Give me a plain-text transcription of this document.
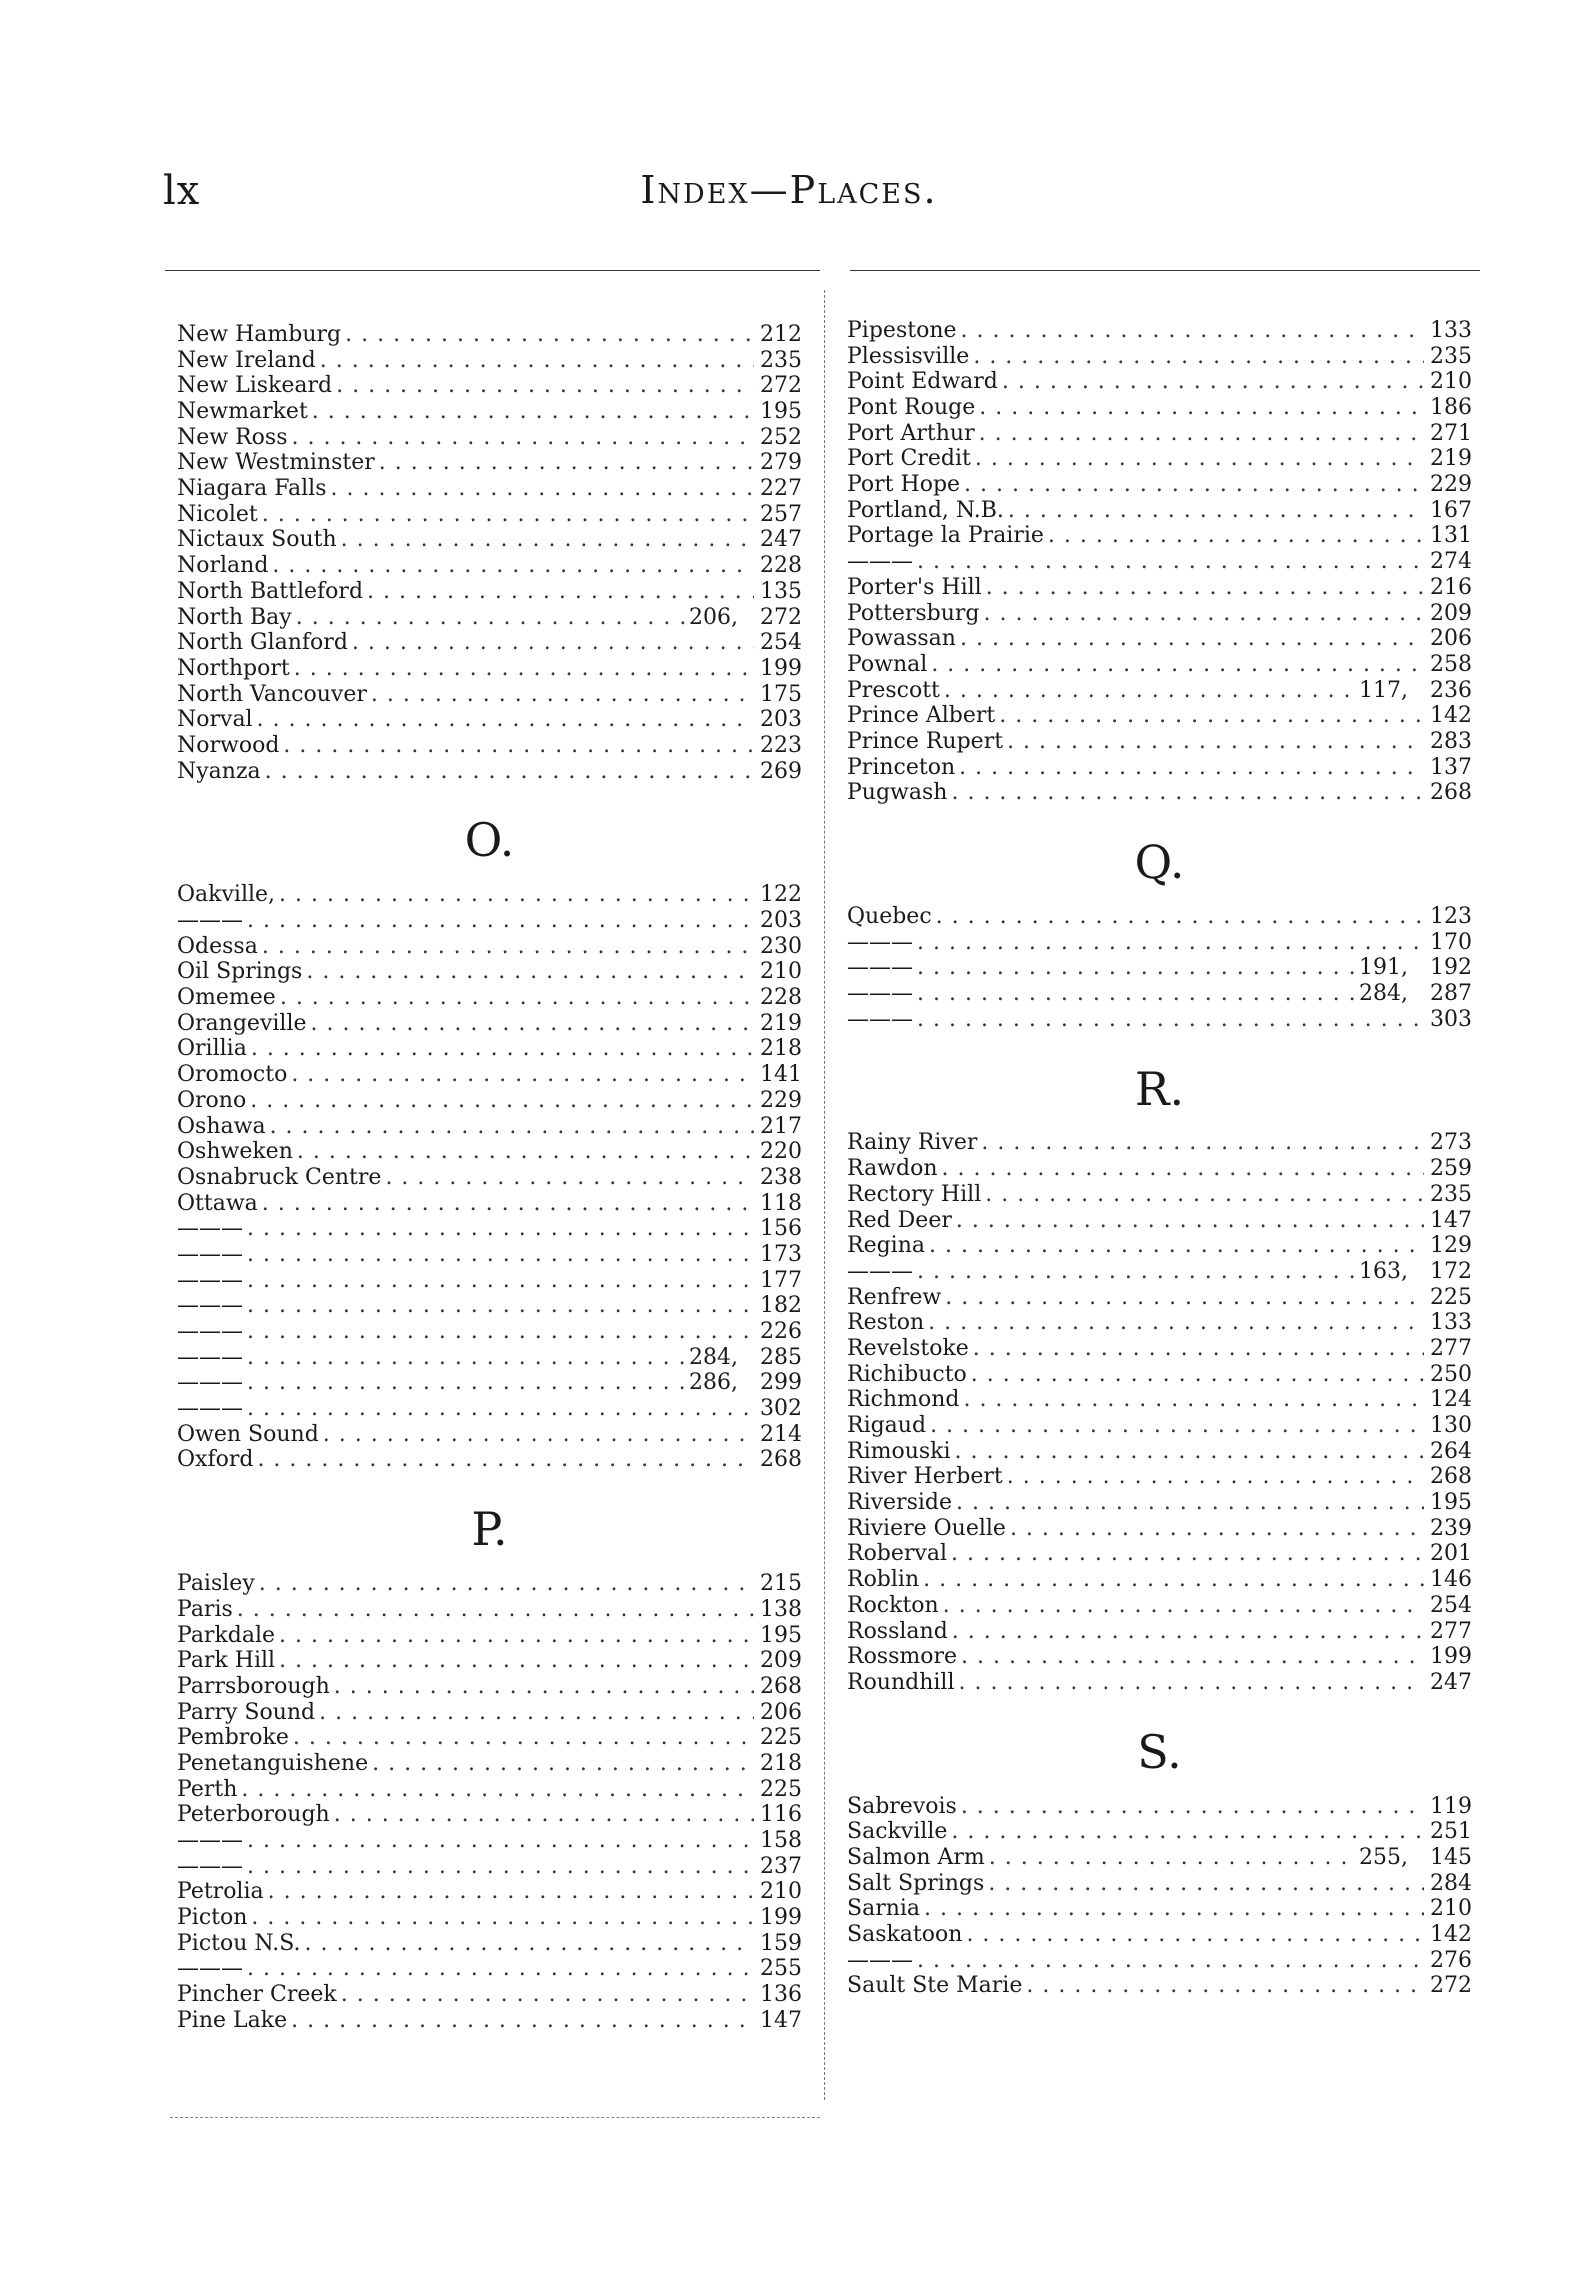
lx	Index—Places.
New Hamburg . . .	212
New Ireland . . .	235
New Liskeard . . .	272
Newmarket . . .	195
New Ross . . .	252
New Westminster . . .	279
Niagara Falls . . .	227
Nicolet . . .	257
Nictaux South . . .	247
Norland . . .	228
North Battleford . . .	135
North Bay . . .	206, 272
North Glanford . . .	254
Northport . . .	199
North Vancouver . . .	175
Norval . . .	203
Norwood . . .	223
Nyanza . . .	269
O.
Oakville, . . .	122
——— . . .	203
Odessa . . .	230
Oil Springs . . .	210
Omemee . . .	228
Orangeville . . .	219
Orillia . . .	218
Oromocto . . .	141
Orono . . .	229
Oshawa . . .	217
Oshweken . . .	220
Osnabruck Centre . . .	238
Ottawa . . .	118
——— . . .	156
——— . . .	173
——— . . .	177
——— . . .	182
——— . . .	226
——— . . .	284, 285
——— . . .	286, 299
——— . . .	302
Owen Sound . . .	214
Oxford . . .	268
P.
Paisley . . .	215
Paris . . .	138
Parkdale . . .	195
Park Hill . . .	209
Parrsborough . . .	268
Parry Sound . . .	206
Pembroke . . .	225
Penetanguishene . . .	218
Perth . . .	225
Peterborough . . .	116
——— . . .	158
——— . . .	237
Petrolia . . .	210
Picton . . .	199
Pictou N.S. . . .	159
——— . . .	255
Pincher Creek . . .	136
Pine Lake . . .	147
Pipestone . . .	133
Plessisville . . .	235
Point Edward . . .	210
Pont Rouge . . .	186
Port Arthur . . .	271
Port Credit . . .	219
Port Hope . . .	229
Portland, N.B. . . .	167
Portage la Prairie . . .	131
——— . . .	274
Porter's Hill . . .	216
Pottersburg . . .	209
Powassan . . .	206
Pownal . . .	258
Prescott . . .	117, 236
Prince Albert . . .	142
Prince Rupert . . .	283
Princeton . . .	137
Pugwash . . .	268
Q.
Quebec . . .	123
——— . . .	170
——— . . .	191, 192
——— . . .	284, 287
——— . . .	303
R.
Rainy River . . .	273
Rawdon . . .	259
Rectory Hill . . .	235
Red Deer . . .	147
Regina . . .	129
——— . . .	163, 172
Renfrew . . .	225
Reston . . .	133
Revelstoke . . .	277
Richibucto . . .	250
Richmond . . .	124
Rigaud . . .	130
Rimouski . . .	264
River Herbert . . .	268
Riverside . . .	195
Riviere Ouelle . . .	239
Roberval . . .	201
Roblin . . .	146
Rockton . . .	254
Rossland . . .	277
Rossmore . . .	199
Roundhill . . .	247
S.
Sabrevois . . .	119
Sackville . . .	251
Salmon Arm . . .	255, 145
Salt Springs . . .	284
Sarnia . . .	210
Saskatoon . . .	142
——— . . .	276
Sault Ste Marie . . .	272
